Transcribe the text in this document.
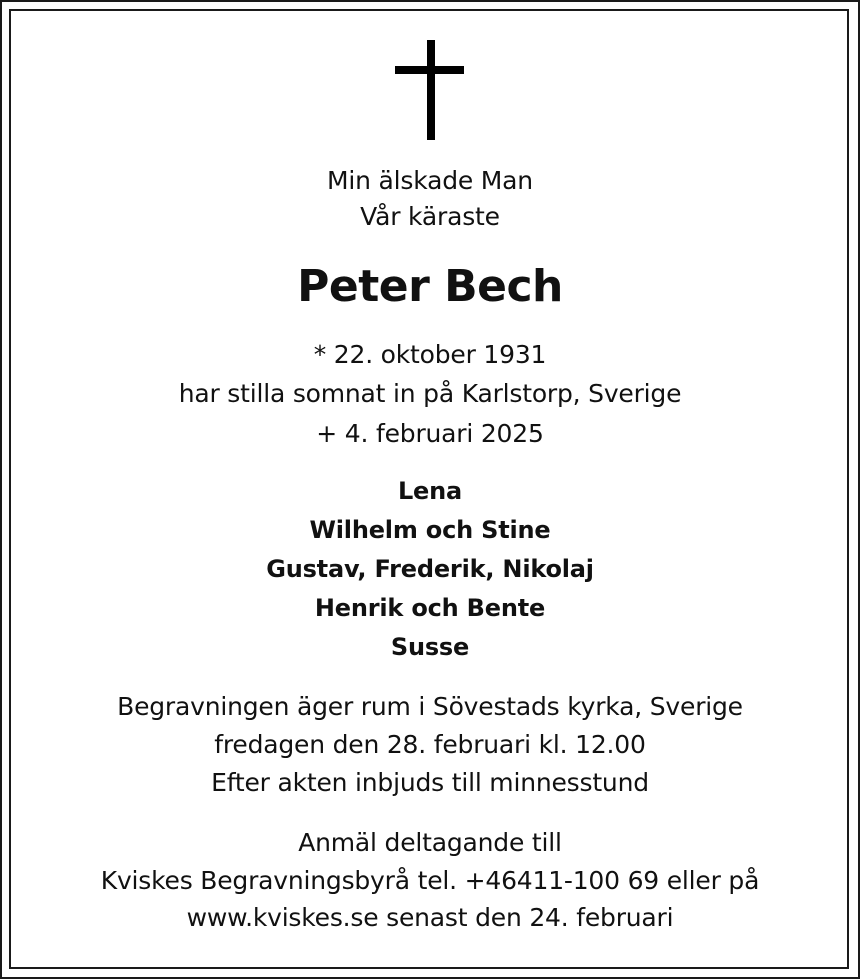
Min älskade Man
Vår käraste
Peter Bech
* 22. oktober 1931
har stilla somnat in på Karlstorp, Sverige
+ 4. februari 2025
Lena
Wilhelm och Stine
Gustav, Frederik, Nikolaj
Henrik och Bente
Susse
Begravningen äger rum i Sövestads kyrka, Sverige
fredagen den 28. februari kl. 12.00
Efter akten inbjuds till minnesstund
Anmäl deltagande till
Kviskes Begravningsbyrå tel. +46411-100 69 eller på
www.kviskes.se senast den 24. februari
